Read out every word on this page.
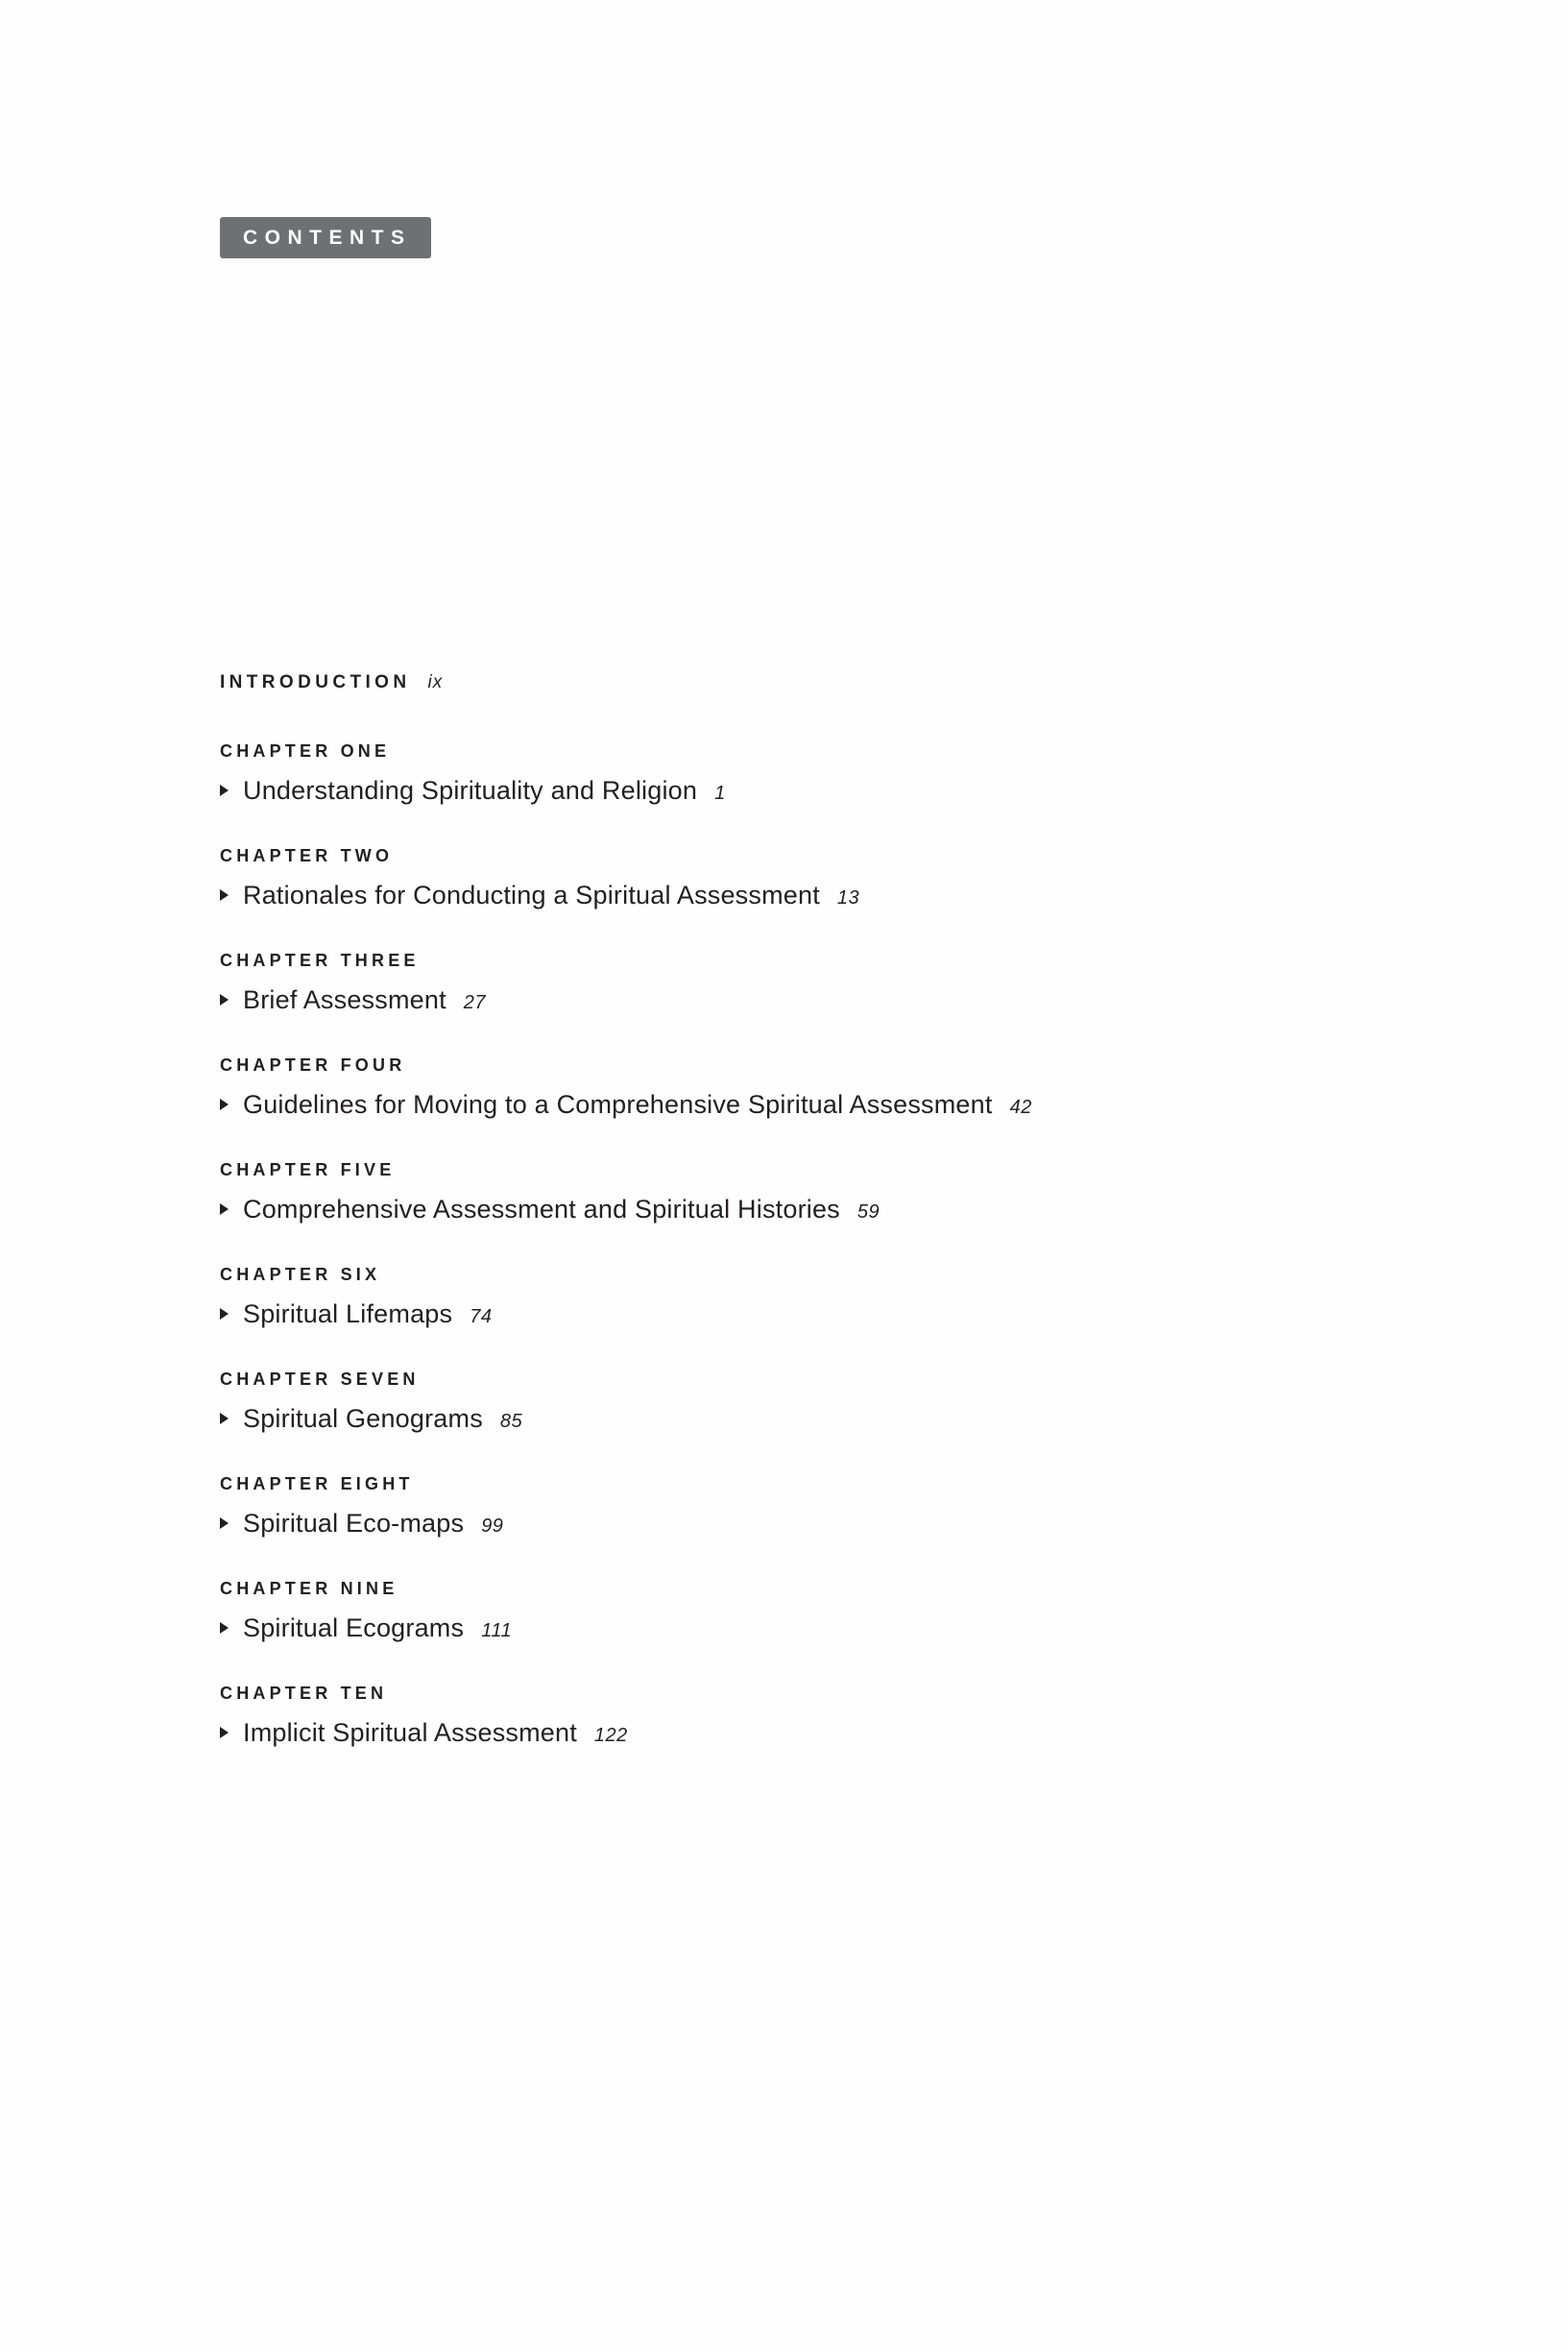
CONTENTS
INTRODUCTION ix
CHAPTER ONE
Understanding Spirituality and Religion 1
CHAPTER TWO
Rationales for Conducting a Spiritual Assessment 13
CHAPTER THREE
Brief Assessment 27
CHAPTER FOUR
Guidelines for Moving to a Comprehensive Spiritual Assessment 42
CHAPTER FIVE
Comprehensive Assessment and Spiritual Histories 59
CHAPTER SIX
Spiritual Lifemaps 74
CHAPTER SEVEN
Spiritual Genograms 85
CHAPTER EIGHT
Spiritual Eco-maps 99
CHAPTER NINE
Spiritual Ecograms 111
CHAPTER TEN
Implicit Spiritual Assessment 122
